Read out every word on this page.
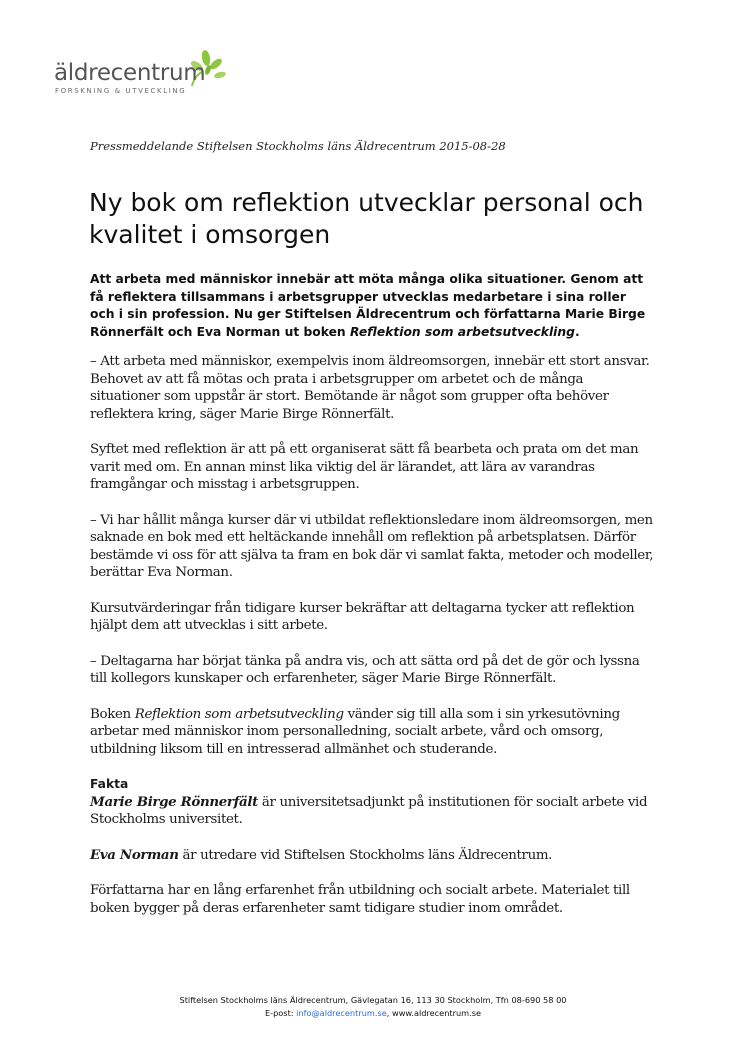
äldrecentrum
FORSKNING & UTVECKLING
Pressmeddelande Stiftelsen Stockholms läns Äldrecentrum 2015-08-28
Ny bok om reflektion utvecklar personal och kvalitet i omsorgen

Att arbeta med människor innebär att möta många olika situationer. Genom att få reflektera tillsammans i arbetsgrupper utvecklas medarbetare i sina roller och i sin profession. Nu ger Stiftelsen Äldrecentrum och författarna Marie Birge Rönnerfält och Eva Norman ut boken Reflektion som arbetsutveckling.

– Att arbeta med människor, exempelvis inom äldreomsorgen, innebär ett stort ansvar. Behovet av att få mötas och prata i arbetsgrupper om arbetet och de många situationer som uppstår är stort. Bemötande är något som grupper ofta behöver reflektera kring, säger Marie Birge Rönnerfält.

Syftet med reflektion är att på ett organiserat sätt få bearbeta och prata om det man varit med om. En annan minst lika viktig del är lärandet, att lära av varandras framgångar och misstag i arbetsgruppen.

– Vi har hållit många kurser där vi utbildat reflektionsledare inom äldreomsorgen, men saknade en bok med ett heltäckande innehåll om reflektion på arbetsplatsen. Därför bestämde vi oss för att själva ta fram en bok där vi samlat fakta, metoder och modeller, berättar Eva Norman.

Kursutvärderingar från tidigare kurser bekräftar att deltagarna tycker att reflektion hjälpt dem att utvecklas i sitt arbete.

– Deltagarna har börjat tänka på andra vis, och att sätta ord på det de gör och lyssna till kollegors kunskaper och erfarenheter, säger Marie Birge Rönnerfält.

Boken Reflektion som arbetsutveckling vänder sig till alla som i sin yrkesutövning arbetar med människor inom personalledning, socialt arbete, vård och omsorg, utbildning liksom till en intresserad allmänhet och studerande.

Fakta

Marie Birge Rönnerfält är universitetsadjunkt på institutionen för socialt arbete vid Stockholms universitet.

Eva Norman är utredare vid Stiftelsen Stockholms läns Äldrecentrum.

Författarna har en lång erfarenhet från utbildning och socialt arbete. Materialet till boken bygger på deras erfarenheter samt tidigare studier inom området.

Stiftelsen Stockholms läns Äldrecentrum, Gävlegatan 16, 113 30 Stockholm, Tfn 08-690 58 00
E-post: info@aldrecentrum.se, www.aldrecentrum.se
